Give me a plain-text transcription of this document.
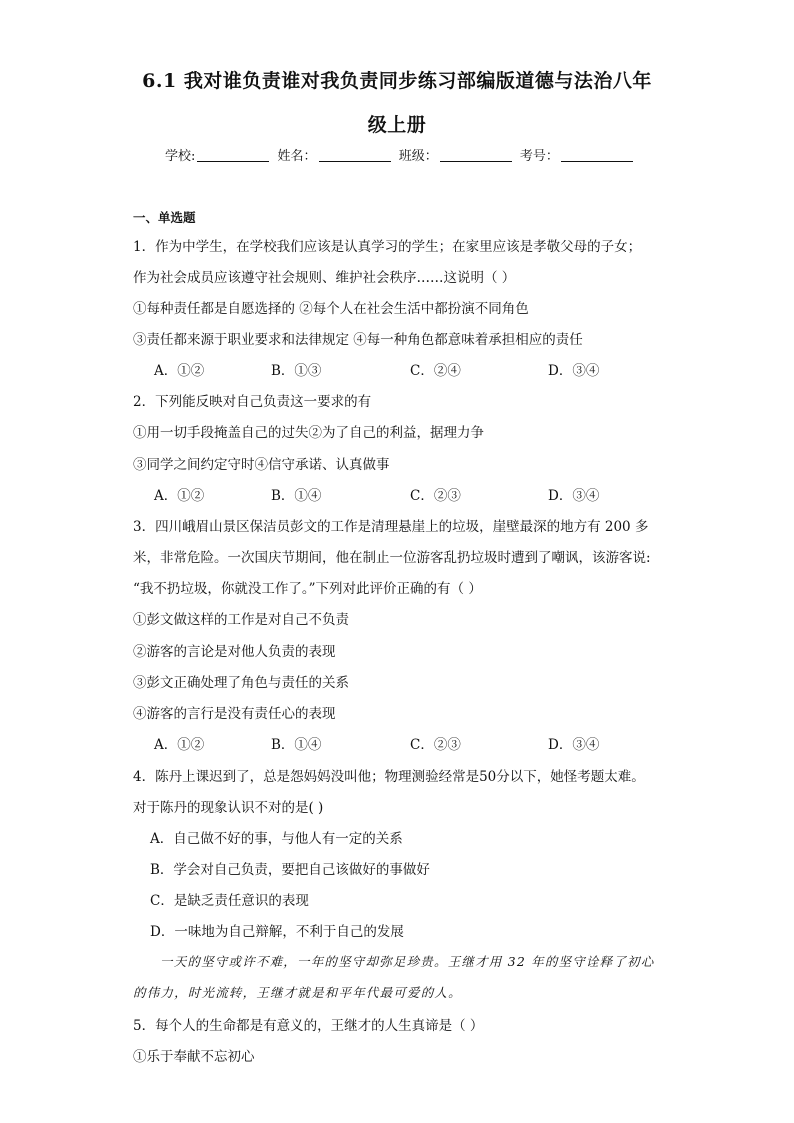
6.1 我对谁负责谁对我负责同步练习部编版道德与法治八年
级上册
学校:	姓名：	班级：	考号：
一、单选题
1．作为中学生，在学校我们应该是认真学习的学生；在家里应该是孝敬父母的子女；
作为社会成员应该遵守社会规则、维护社会秩序……这说明（ ）
①每种责任都是自愿选择的 ②每个人在社会生活中都扮演不同角色
③责任都来源于职业要求和法律规定 ④每一种角色都意味着承担相应的责任
A．①②	B．①③	C．②④	D．③④
2．下列能反映对自己负责这一要求的有
①用一切手段掩盖自己的过失②为了自己的利益，据理力争
③同学之间约定守时④信守承诺、认真做事
A．①②	B．①④	C．②③	D．③④
3．四川峨眉山景区保洁员彭文的工作是清理悬崖上的垃圾，崖壁最深的地方有 200 多
米，非常危险。一次国庆节期间，他在制止一位游客乱扔垃圾时遭到了嘲讽，该游客说:
“我不扔垃圾，你就没工作了。”下列对此评价正确的有（ ）
①彭文做这样的工作是对自己不负责
②游客的言论是对他人负责的表现
③彭文正确处理了角色与责任的关系
④游客的言行是没有责任心的表现
A．①②	B．①④	C．②③	D．③④
4．陈丹上课迟到了，总是怨妈妈没叫他；物理测验经常是50分以下，她怪考题太难。
对于陈丹的现象认识不对的是( )
A．自己做不好的事，与他人有一定的关系
B．学会对自己负责，要把自己该做好的事做好
C．是缺乏责任意识的表现
D．一味地为自己辩解，不利于自己的发展
一天的坚守或许不难，一年的坚守却弥足珍贵。王继才用 32 年的坚守诠释了初心
的伟力，时光流转，王继才就是和平年代最可爱的人。
5．每个人的生命都是有意义的，王继才的人生真谛是（ ）
①乐于奉献不忘初心
